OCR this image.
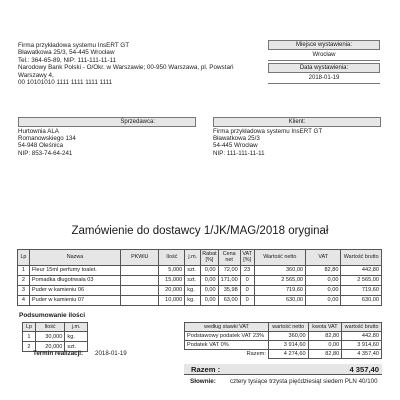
Firma przykładowa systemu InsERT GT
Bławatkowa 25/3, 54-445 Wrocław
Tel.: 364-65-89, NIP: 111-111-11-11
Narodowy Bank Polski - O/Okr. w Warszawie; 00-950 Warszawa, pl. Powstań
Warszawy 4,
00 10101010 1111 1111 1111 1111
Miejsce wystawienia:
Wrocław
Data wystawienia:
2018-01-19
Sprzedawca:
Hurtownia ALA
Romanowskiego 134
54-948 Oleśnica
NIP: 853-74-64-241
Klient:
Firma przykładowa systemu InsERT GT
Bławatkowa 25/3
54-445 Wrocław
NIP: 111-111-11-11
Zamówienie do dostawcy 1/JK/MAG/2018 oryginał
Lp	Nazwa	PKWiU	Ilość	j.m.	Rabat [%]	Cena net	VAT [%]	Wartość netto	VAT	Wartość brutto
1	Fleur 15ml perfumy toalet.		5,000	szt.	0,00	72,00	23	360,00	82,80	442,80
2	Pomadka długotrwała 03		15,000	szt.	0,00	171,00	0	2 565,00	0,00	2 565,00
3	Puder w kamieniu 06		20,000	kg.	0,00	35,98	0	719,60	0,00	719,60
4	Puder w kamieniu 07		10,000	kg.	0,00	63,00	0	630,00	0,00	630,00
Podsumowanie ilości
Lp	Ilość	j.m.
1	30,000	kg.
2	20,000	szt.
według stawki VAT	wartość netto	kwota VAT	wartość brutto
Podstawowy podatek VAT 23%	360,00	82,80	442,80
Podatek VAT 0%	3 914,60	0,00	3 914,60
Razem:	4 274,60	82,80	4 357,40
Razem :	4 357,40
Słownie: cztery tysiące trzysta pięćdziesiąt siedem PLN 40/100
Termin realizacji: 2018-01-19
